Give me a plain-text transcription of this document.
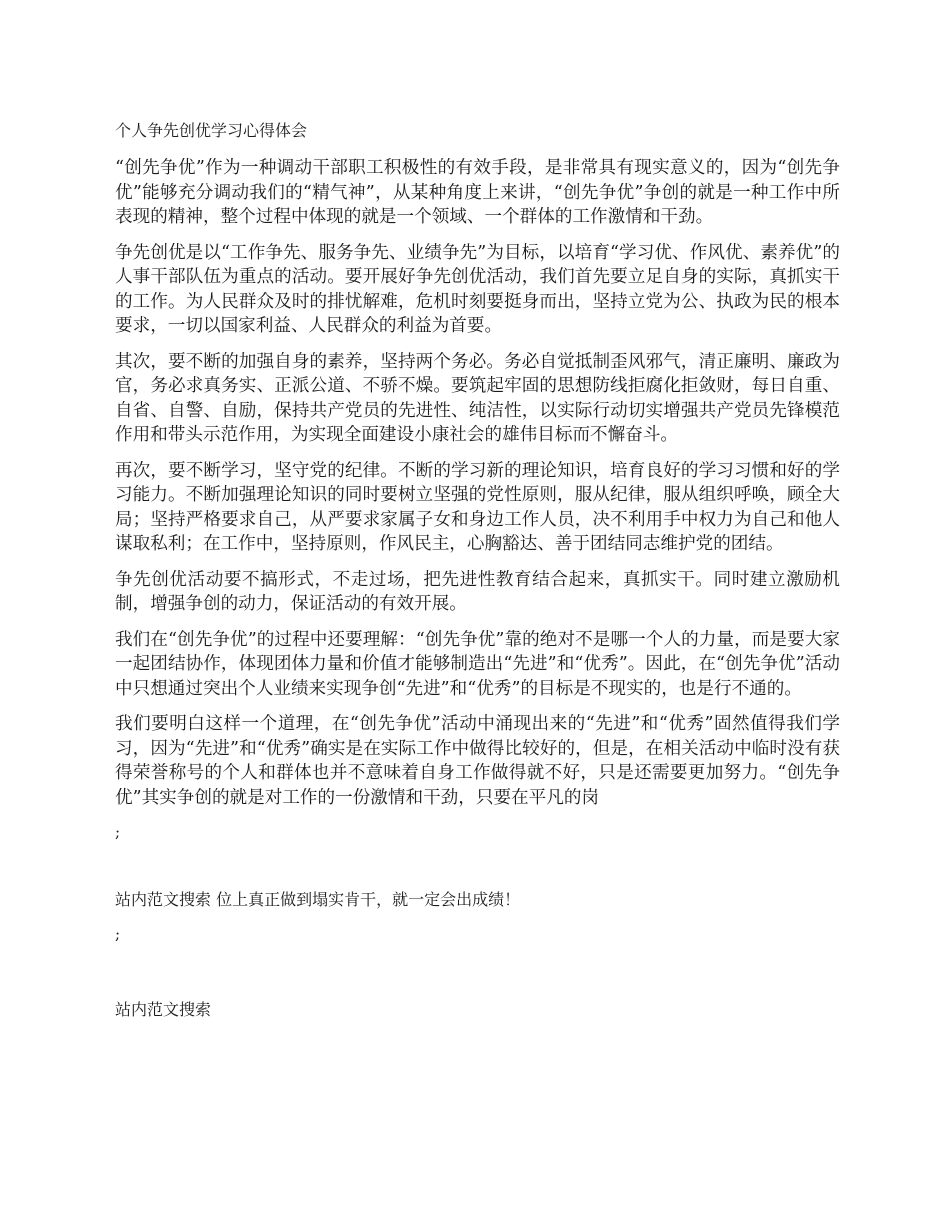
个人争先创优学习心得体会

“创先争优”作为一种调动干部职工积极性的有效手段，是非常具有现实意义的，因为“创先争优”能够充分调动我们的“精气神”，从某种角度上来讲，“创先争优”争创的就是一种工作中所表现的精神，整个过程中体现的就是一个领域、一个群体的工作激情和干劲。

争先创优是以“工作争先、服务争先、业绩争先”为目标，以培育“学习优、作风优、素养优”的人事干部队伍为重点的活动。要开展好争先创优活动，我们首先要立足自身的实际，真抓实干的工作。为人民群众及时的排忧解难，危机时刻要挺身而出，坚持立党为公、执政为民的根本要求，一切以国家利益、人民群众的利益为首要。

其次，要不断的加强自身的素养，坚持两个务必。务必自觉抵制歪风邪气，清正廉明、廉政为官，务必求真务实、正派公道、不骄不燥。要筑起牢固的思想防线拒腐化拒敛财，每日自重、自省、自警、自励，保持共产党员的先进性、纯洁性，以实际行动切实增强共产党员先锋模范作用和带头示范作用，为实现全面建设小康社会的雄伟目标而不懈奋斗。

再次，要不断学习，坚守党的纪律。不断的学习新的理论知识，培育良好的学习习惯和好的学习能力。不断加强理论知识的同时要树立坚强的党性原则，服从纪律，服从组织呼唤，顾全大局；坚持严格要求自己，从严要求家属子女和身边工作人员，决不利用手中权力为自己和他人谋取私利；在工作中，坚持原则，作风民主，心胸豁达、善于团结同志维护党的团结。

争先创优活动要不搞形式，不走过场，把先进性教育结合起来，真抓实干。同时建立激励机制，增强争创的动力，保证活动的有效开展。

我们在“创先争优”的过程中还要理解：“创先争优”靠的绝对不是哪一个人的力量，而是要大家一起团结协作，体现团体力量和价值才能够制造出“先进”和“优秀”。因此，在“创先争优”活动中只想通过突出个人业绩来实现争创“先进”和“优秀”的目标是不现实的，也是行不通的。

我们要明白这样一个道理，在“创先争优”活动中涌现出来的“先进”和“优秀”固然值得我们学习，因为“先进”和“优秀”确实是在实际工作中做得比较好的，但是，在相关活动中临时没有获得荣誉称号的个人和群体也并不意味着自身工作做得就不好，只是还需要更加努力。“创先争优”其实争创的就是对工作的一份激情和干劲，只要在平凡的岗

;
站内范文搜索 位上真正做到塌实肯干，就一定会出成绩！
;
站内范文搜索
